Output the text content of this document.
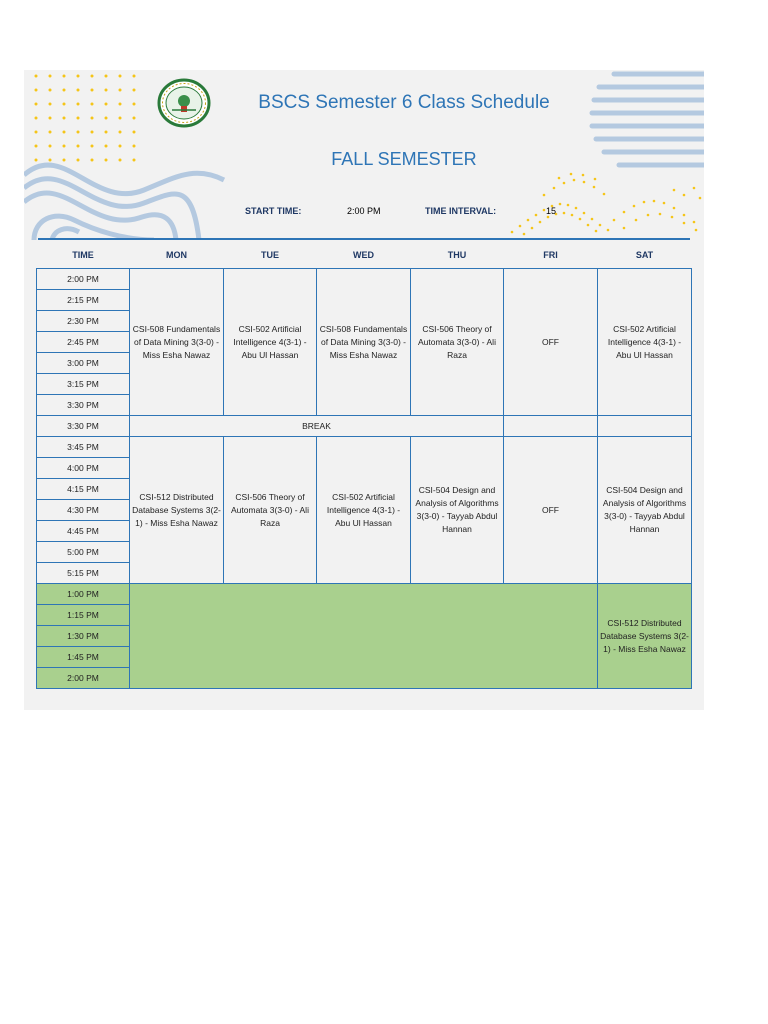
BSCS Semester 6 Class Schedule
FALL SEMESTER
START TIME:	2:00 PM	TIME INTERVAL:	15
TIME	MON	TUE	WED	THU	FRI	SAT
2:00 PM	CSI-508 Fundamentals of Data Mining 3(3-0) - Miss Esha Nawaz	CSI-502 Artificial Intelligence 4(3-1) - Abu Ul Hassan	CSI-508 Fundamentals of Data Mining 3(3-0) - Miss Esha Nawaz	CSI-506 Theory of Automata 3(3-0) - Ali Raza	OFF	CSI-502 Artificial Intelligence 4(3-1) - Abu Ul Hassan
2:15 PM						
2:30 PM						
2:45 PM						
3:00 PM						
3:15 PM						
3:30 PM						
3:30 PM	BREAK					
3:45 PM	CSI-512 Distributed Database Systems 3(2-1) - Miss Esha Nawaz	CSI-506 Theory of Automata 3(3-0) - Ali Raza	CSI-502 Artificial Intelligence 4(3-1) - Abu Ul Hassan	CSI-504 Design and Analysis of Algorithms 3(3-0) - Tayyab Abdul Hannan	OFF	CSI-504 Design and Analysis of Algorithms 3(3-0) - Tayyab Abdul Hannan
4:00 PM						
4:15 PM						
4:30 PM						
4:45 PM						
5:00 PM						
5:15 PM						
1:00 PM						CSI-512 Distributed Database Systems 3(2-1) - Miss Esha Nawaz
1:15 PM						
1:30 PM						
1:45 PM						
2:00 PM						
